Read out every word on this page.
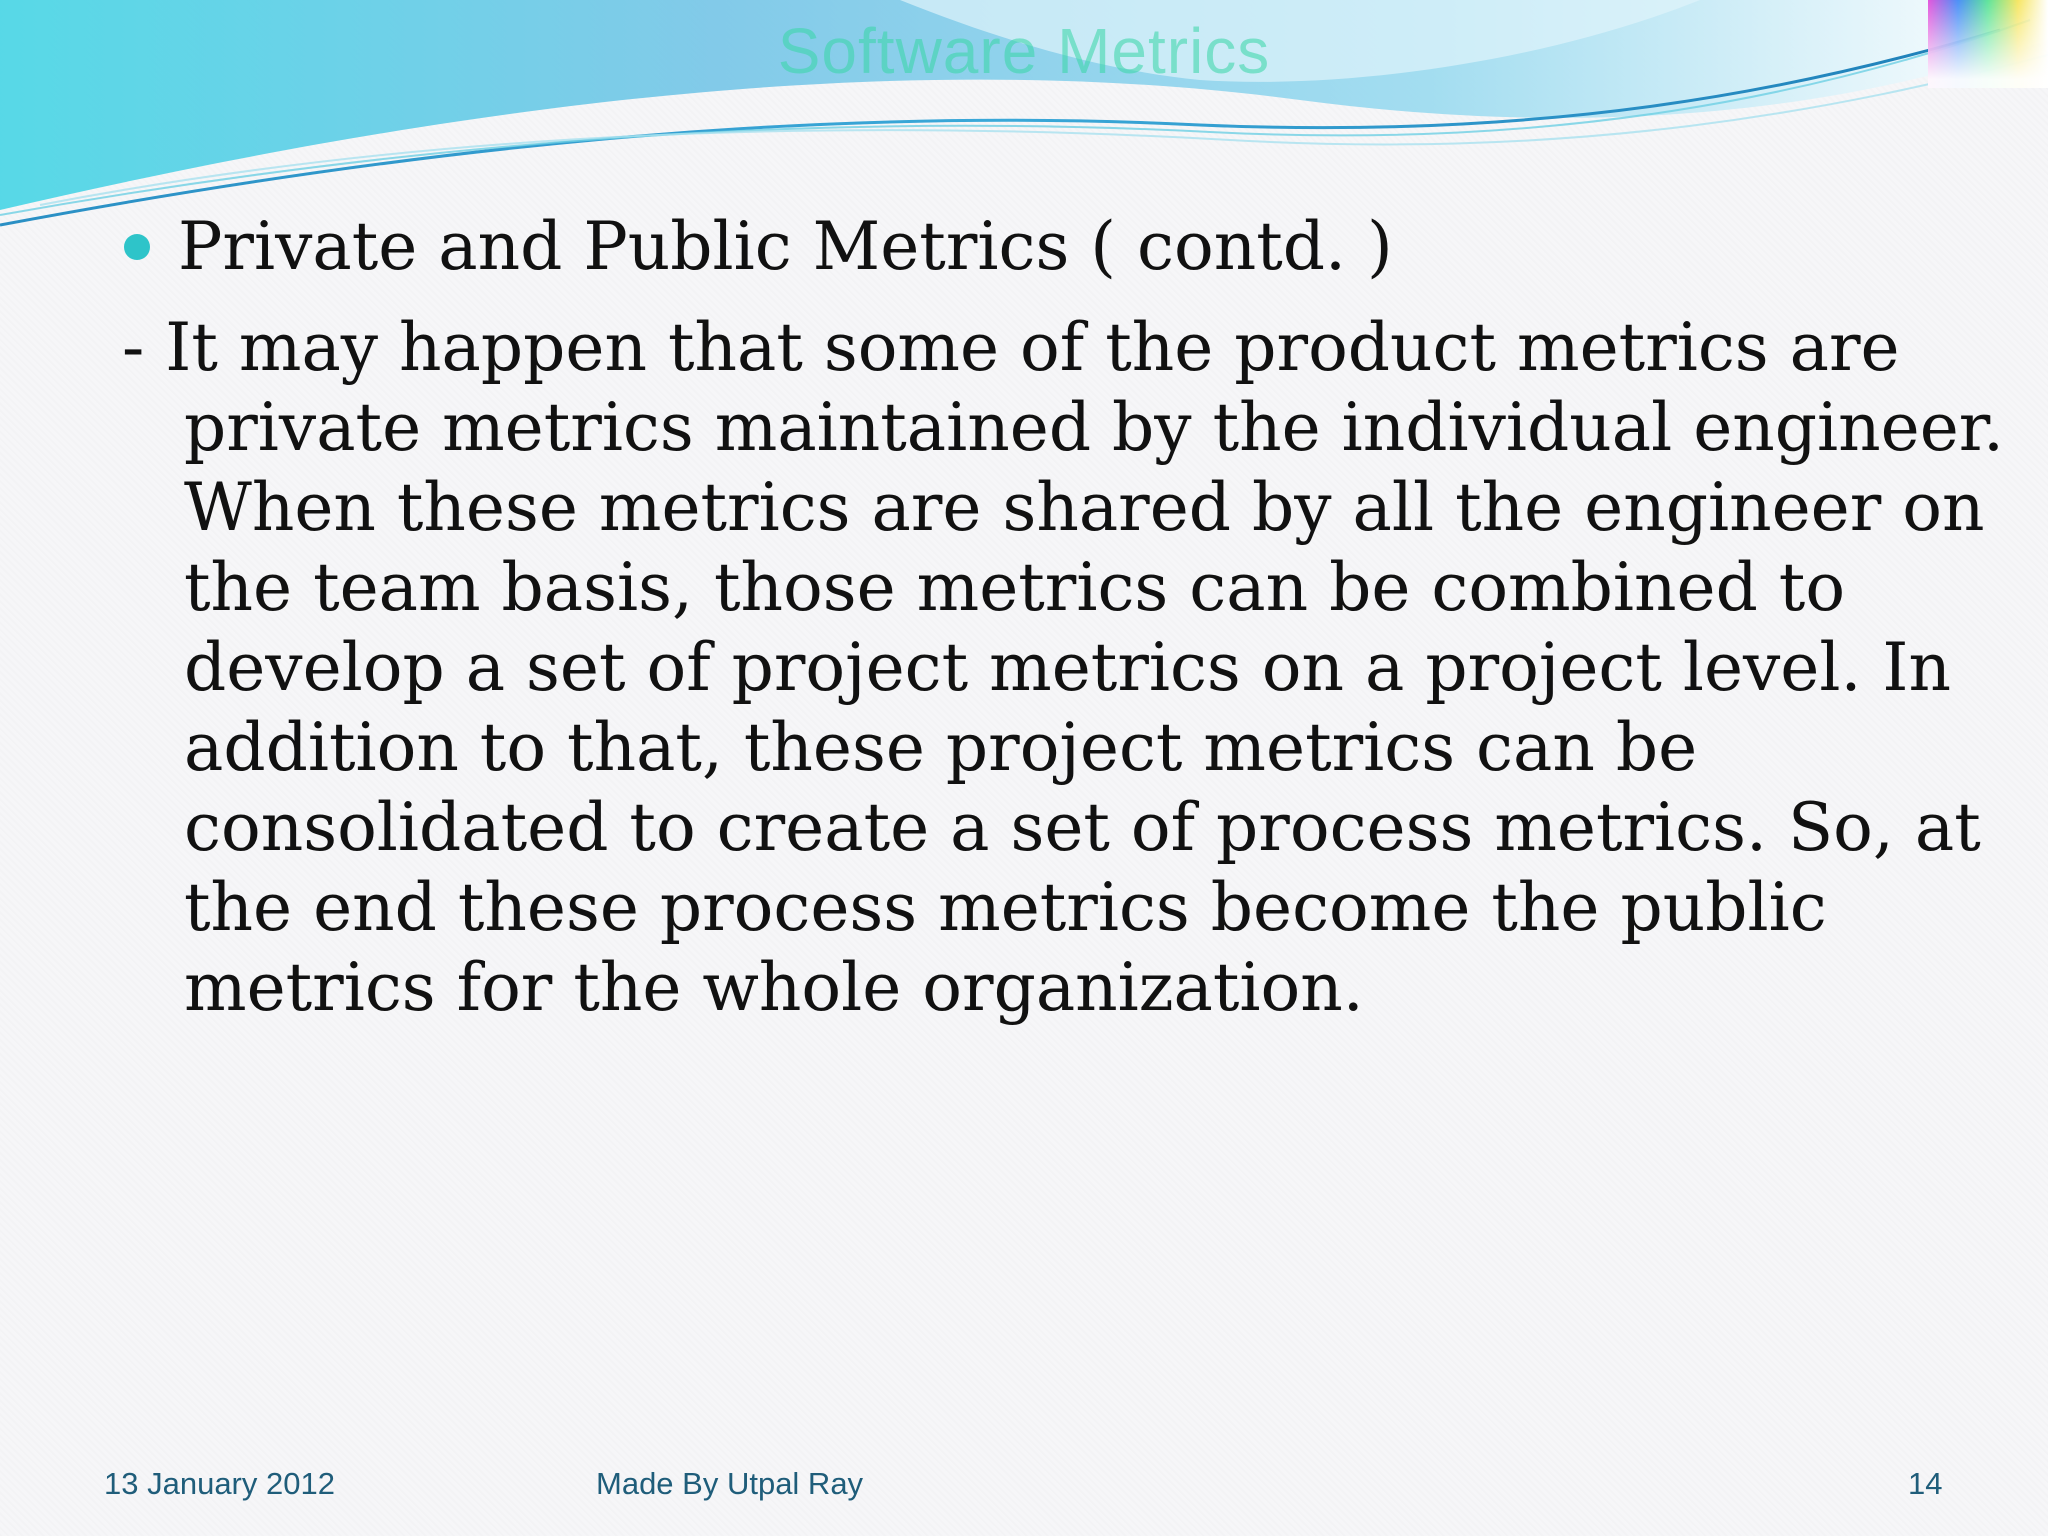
Software Metrics
Private and Public Metrics ( contd. )
- It may happen that some of the product metrics are
private metrics maintained by the individual engineer.
When these metrics are shared by all the engineer on
the team basis, those metrics can be combined to
develop a set of project metrics on a project level. In
addition to that, these project metrics can be
consolidated to create a set of process metrics. So, at
the end these process metrics become the public
metrics for the whole organization.
13 January 2012	Made By Utpal Ray	14
